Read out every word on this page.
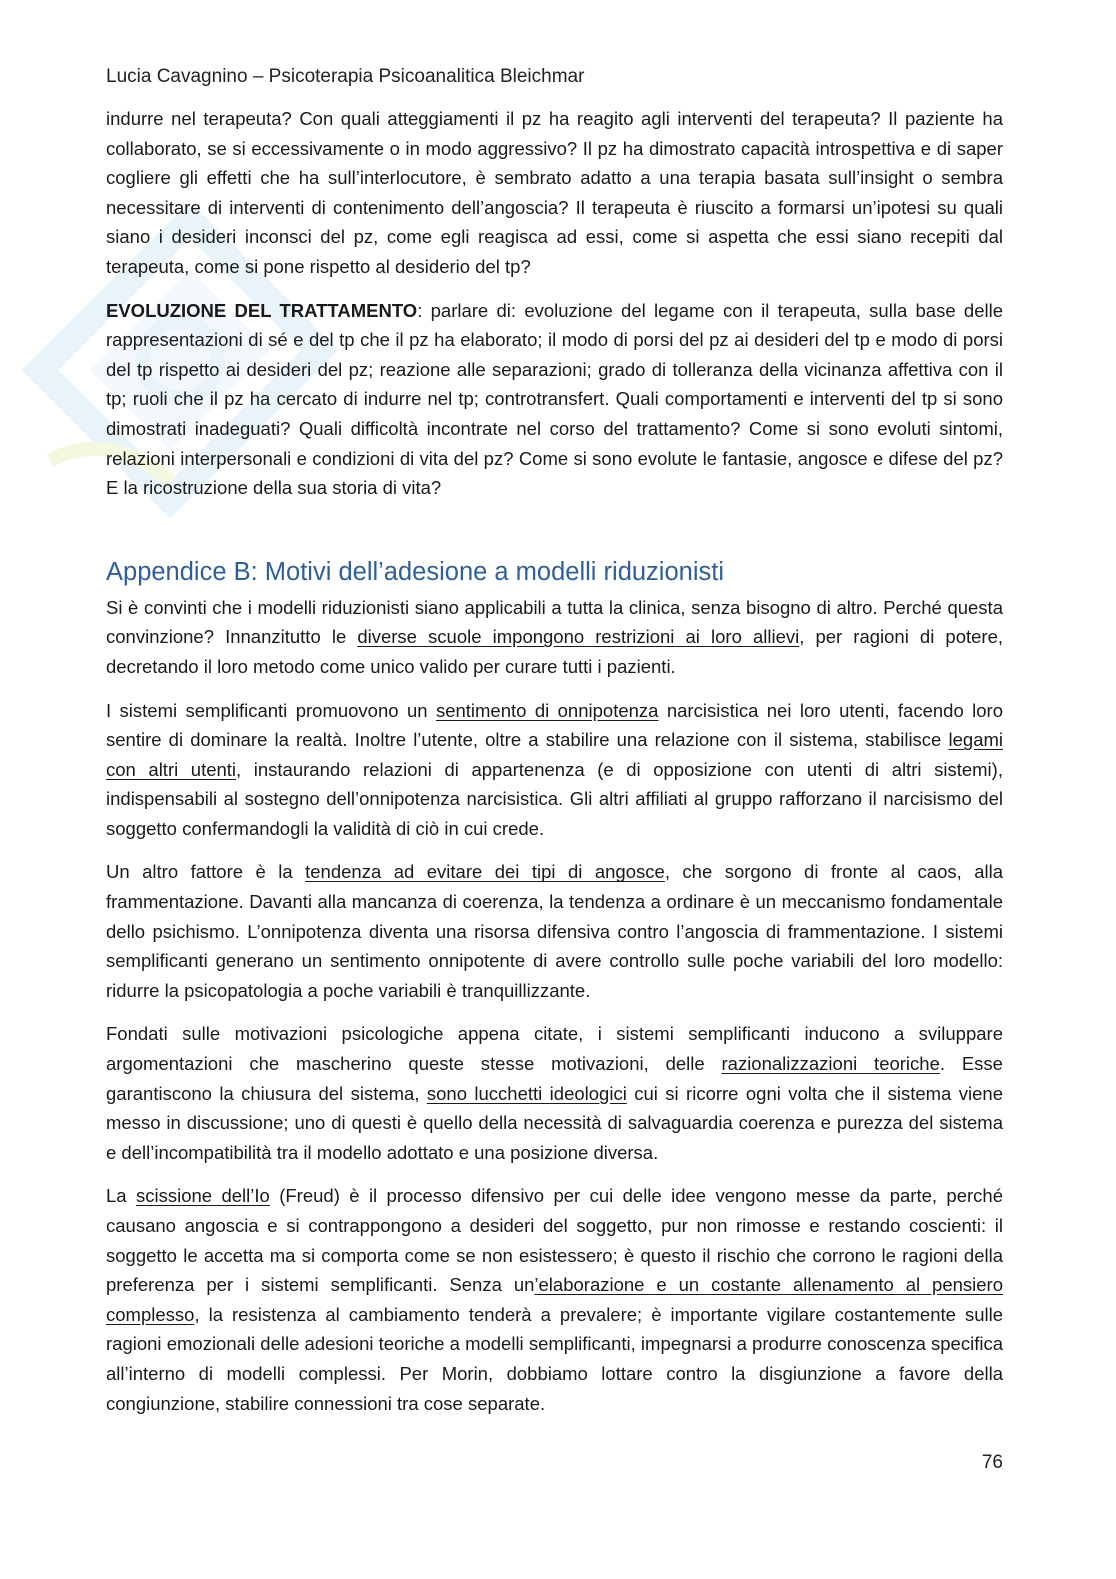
Lucia Cavagnino – Psicoterapia Psicoanalitica Bleichmar

indurre nel terapeuta? Con quali atteggiamenti il pz ha reagito agli interventi del terapeuta? Il paziente ha collaborato, se si eccessivamente o in modo aggressivo? Il pz ha dimostrato capacità introspettiva e di saper cogliere gli effetti che ha sull’interlocutore, è sembrato adatto a una terapia basata sull’insight o sembra necessitare di interventi di contenimento dell’angoscia? Il terapeuta è riuscito a formarsi un’ipotesi su quali siano i desideri inconsci del pz, come egli reagisca ad essi, come si aspetta che essi siano recepiti dal terapeuta, come si pone rispetto al desiderio del tp?

EVOLUZIONE DEL TRATTAMENTO: parlare di: evoluzione del legame con il terapeuta, sulla base delle rappresentazioni di sé e del tp che il pz ha elaborato; il modo di porsi del pz ai desideri del tp e modo di porsi del tp rispetto ai desideri del pz; reazione alle separazioni; grado di tolleranza della vicinanza affettiva con il tp; ruoli che il pz ha cercato di indurre nel tp; controtransfert. Quali comportamenti e interventi del tp si sono dimostrati inadeguati? Quali difficoltà incontrate nel corso del trattamento? Come si sono evoluti sintomi, relazioni interpersonali e condizioni di vita del pz? Come si sono evolute le fantasie, angosce e difese del pz? E la ricostruzione della sua storia di vita?

Appendice B: Motivi dell’adesione a modelli riduzionisti

Si è convinti che i modelli riduzionisti siano applicabili a tutta la clinica, senza bisogno di altro. Perché questa convinzione? Innanzitutto le diverse scuole impongono restrizioni ai loro allievi, per ragioni di potere, decretando il loro metodo come unico valido per curare tutti i pazienti.

I sistemi semplificanti promuovono un sentimento di onnipotenza narcisistica nei loro utenti, facendo loro sentire di dominare la realtà. Inoltre l’utente, oltre a stabilire una relazione con il sistema, stabilisce legami con altri utenti, instaurando relazioni di appartenenza (e di opposizione con utenti di altri sistemi), indispensabili al sostegno dell’onnipotenza narcisistica. Gli altri affiliati al gruppo rafforzano il narcisismo del soggetto confermandogli la validità di ciò in cui crede.

Un altro fattore è la tendenza ad evitare dei tipi di angosce, che sorgono di fronte al caos, alla frammentazione. Davanti alla mancanza di coerenza, la tendenza a ordinare è un meccanismo fondamentale dello psichismo. L’onnipotenza diventa una risorsa difensiva contro l’angoscia di frammentazione. I sistemi semplificanti generano un sentimento onnipotente di avere controllo sulle poche variabili del loro modello: ridurre la psicopatologia a poche variabili è tranquillizzante.

Fondati sulle motivazioni psicologiche appena citate, i sistemi semplificanti inducono a sviluppare argomentazioni che mascherino queste stesse motivazioni, delle razionalizzazioni teoriche. Esse garantiscono la chiusura del sistema, sono lucchetti ideologici cui si ricorre ogni volta che il sistema viene messo in discussione; uno di questi è quello della necessità di salvaguardia coerenza e purezza del sistema e dell’incompatibilità tra il modello adottato e una posizione diversa.

La scissione dell’Io (Freud) è il processo difensivo per cui delle idee vengono messe da parte, perché causano angoscia e si contrappongono a desideri del soggetto, pur non rimosse e restando coscienti: il soggetto le accetta ma si comporta come se non esistessero; è questo il rischio che corrono le ragioni della preferenza per i sistemi semplificanti. Senza un’elaborazione e un costante allenamento al pensiero complesso, la resistenza al cambiamento tenderà a prevalere; è importante vigilare costantemente sulle ragioni emozionali delle adesioni teoriche a modelli semplificanti, impegnarsi a produrre conoscenza specifica all’interno di modelli complessi. Per Morin, dobbiamo lottare contro la disgiunzione a favore della congiunzione, stabilire connessioni tra cose separate.

76
